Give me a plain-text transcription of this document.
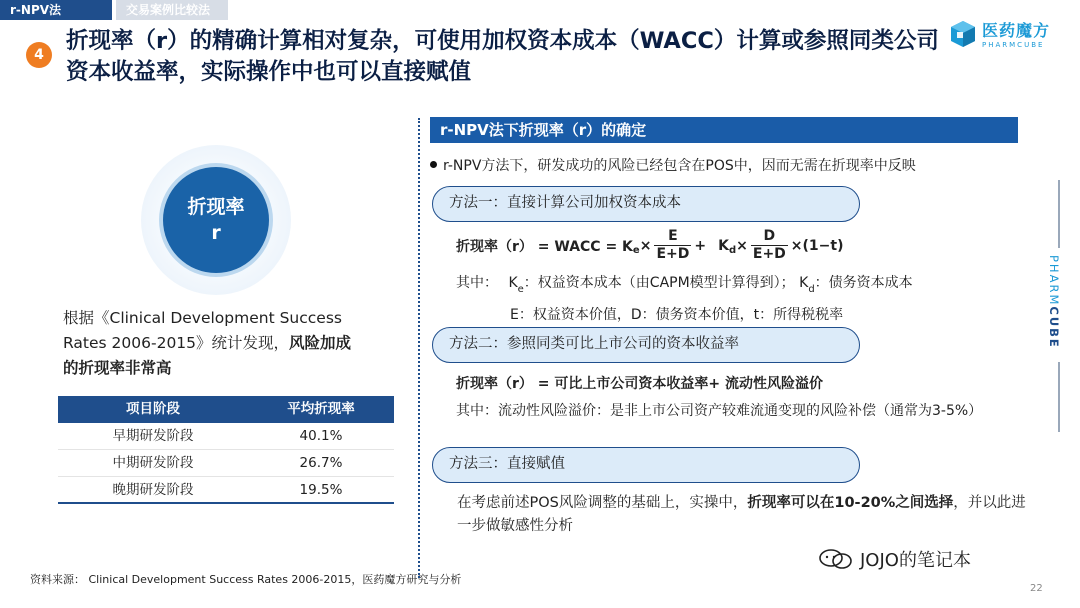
r-NPV法	交易案例比较法
4
折现率（r）的精确计算相对复杂，可使用加权资本成本（WACC）计算或参照同类公司资本收益率，实际操作中也可以直接赋值
医药魔方
PHARMCUBE
折现率
r
根据《Clinical Development Success Rates 2006-2015》统计发现，风险加成的折现率非常高
项目阶段	平均折现率
早期研发阶段	40.1%
中期研发阶段	26.7%
晚期研发阶段	19.5%
资料来源： Clinical Development Success Rates 2006-2015，医药魔方研究与分析
22
r-NPV法下折现率（r）的确定
r-NPV方法下，研发成功的风险已经包含在POS中，因而无需在折现率中反映
方法一：直接计算公司加权资本成本
折现率（r） = WACC = K $e \times \frac{E}{E+D} + K$ $d \times \frac{D}{E+D} \times(1-t)$
其中： $K_e$：权益资本成本（由CAPM模型计算得到）； $K_d$：债务资本成本
E：权益资本价值，D：债务资本价值，t：所得税税率
方法二：参照同类可比上市公司的资本收益率
折现率（r） = 可比上市公司资本收益率+ 流动性风险溢价
其中：流动性风险溢价：是非上市公司资产较难流通变现的风险补偿（通常为3-5%）
方法三：直接赋值
在考虑前述POS风险调整的基础上，实操中，折现率可以在10-20%之间选择，并以此进一步做敏感性分析
PHARMCUBE
JOJO的笔记本
